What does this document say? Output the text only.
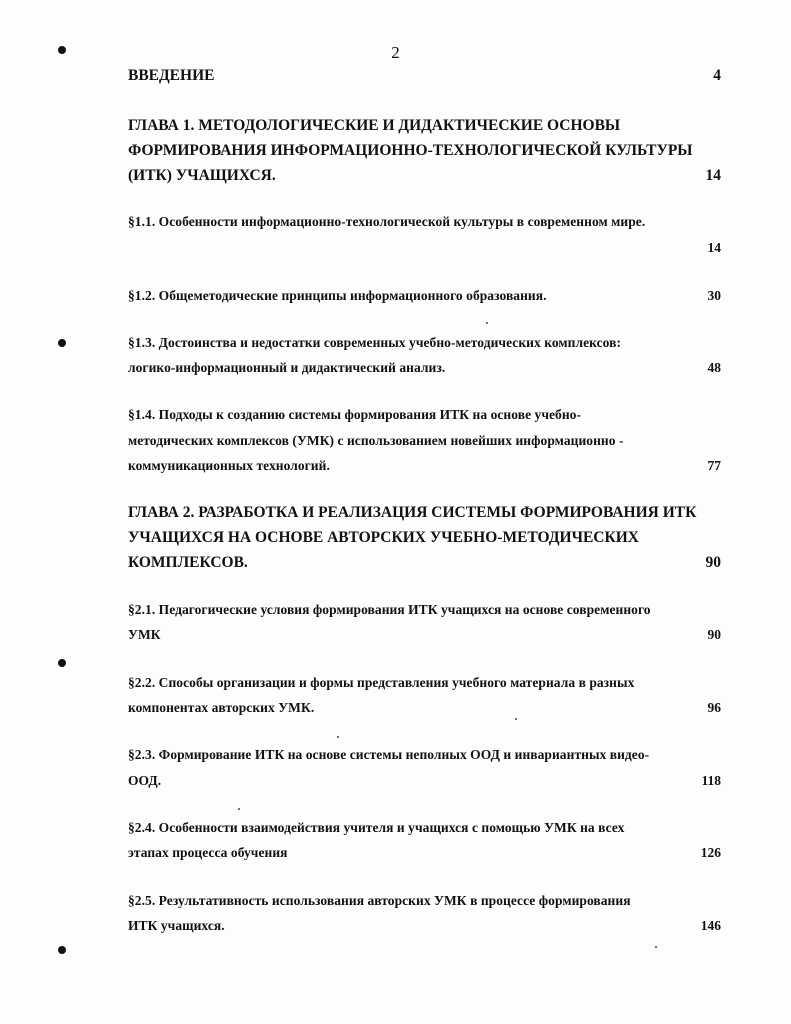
2
ВВЕДЕНИЕ	4
ГЛАВА 1. МЕТОДОЛОГИЧЕСКИЕ И ДИДАКТИЧЕСКИЕ ОСНОВЫ
ФОРМИРОВАНИЯ ИНФОРМАЦИОННО-ТЕХНОЛОГИЧЕСКОЙ КУЛЬТУРЫ
(ИТК) УЧАЩИХСЯ.	14
§1.1. Особенности информационно-технологической культуры в современном мире.
14
§1.2. Общеметодические принципы информационного образования.	30
§1.3. Достоинства и недостатки современных учебно-методических комплексов:
логико-информационный и дидактический анализ.	48
§1.4. Подходы к созданию системы формирования ИТК на основе учебно-
методических комплексов (УМК) с использованием новейших информационно -
коммуникационных технологий.	77
ГЛАВА 2. РАЗРАБОТКА И РЕАЛИЗАЦИЯ СИСТЕМЫ ФОРМИРОВАНИЯ ИТК
УЧАЩИХСЯ НА ОСНОВЕ АВТОРСКИХ УЧЕБНО-МЕТОДИЧЕСКИХ
КОМПЛЕКСОВ.	90
§2.1. Педагогические условия формирования ИТК учащихся на основе современного
УМК	90
§2.2. Способы организации и формы представления учебного материала в разных
компонентах авторских УМК.	96
§2.3. Формирование ИТК на основе системы неполных ООД и инвариантных видео-
ООД.	118
§2.4. Особенности взаимодействия учителя и учащихся с помощью УМК на всех
этапах процесса обучения	126
§2.5. Результативность использования авторских УМК в процессе формирования
ИТК учащихся.	146
